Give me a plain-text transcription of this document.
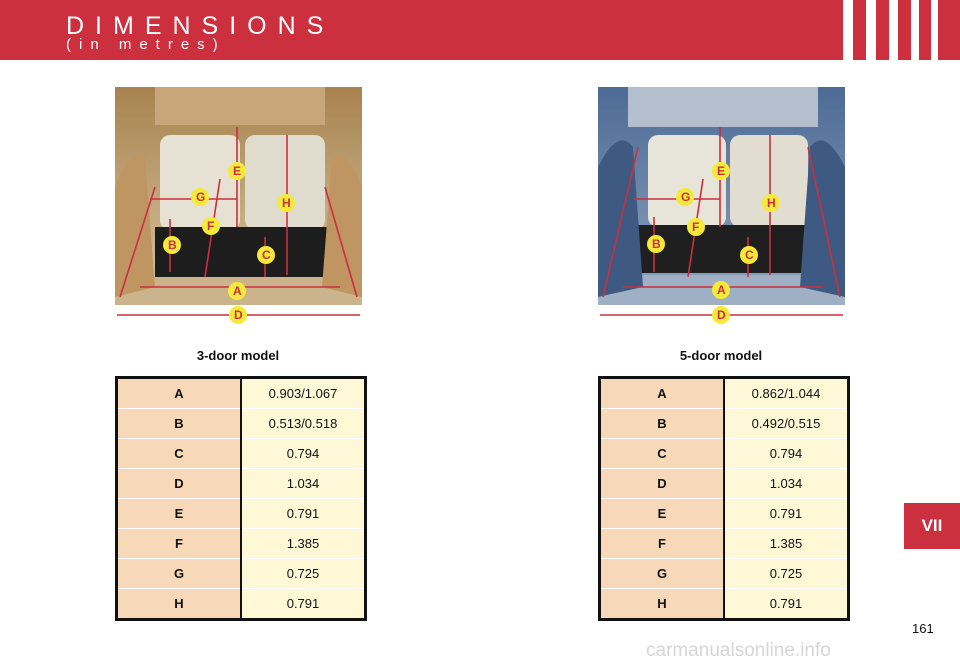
DIMENSIONS
(in metres)
E
G	H
F
B
C
A
D
E
G	H
F
B
C
A
D
3-door model	5-door model
A	0.903/1.067
B	0.513/0.518
C	0.794
D	1.034
E	0.791
F	1.385
G	0.725
H	0.791
A	0.862/1.044
B	0.492/0.515
C	0.794
D	1.034
E	0.791
F	1.385
G	0.725
H	0.791
VII
161
carmanualsonline.info
